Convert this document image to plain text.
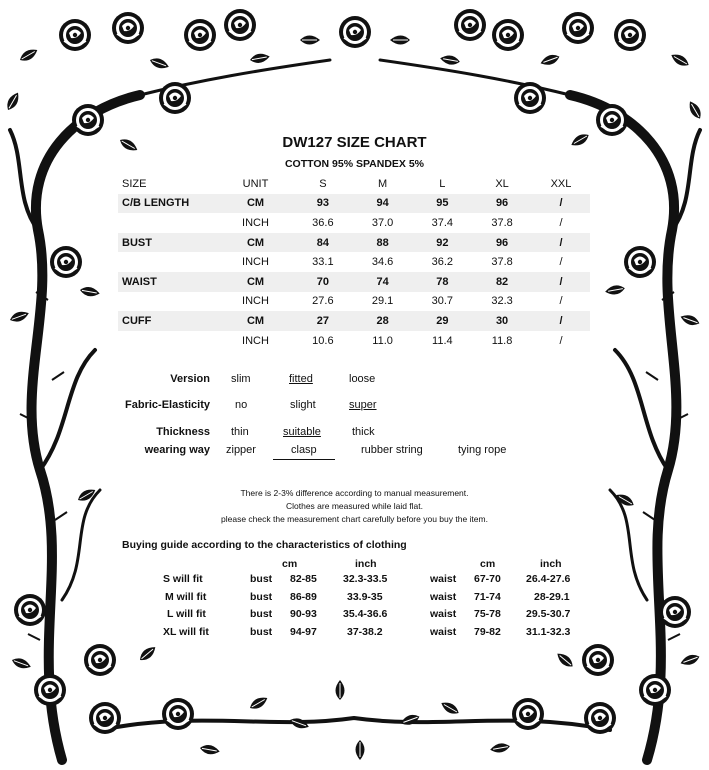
DW127 SIZE CHART
COTTON 95% SPANDEX 5%
SIZE	UNIT	S	M	L	XL	XXL
C/B LENGTH	CM	93	94	95	96	/
	INCH	36.6	37.0	37.4	37.8	/
BUST	CM	84	88	92	96	/
	INCH	33.1	34.6	36.2	37.8	/
WAIST	CM	70	74	78	82	/
	INCH	27.6	29.1	30.7	32.3	/
CUFF	CM	27	28	29	30	/
	INCH	10.6	11.0	11.4	11.8	/
Version slim	fitted	loose
Fabric-Elasticity no	slight	super
Thickness thin	suitable	thick
wearing way zipper	clasp	rubber string	tying rope
There is 2-3% difference according to manual measurement.
Clothes are measured while laid flat.
please check the measurement chart carefully before you buy the item.
Buying guide according to the characteristics of clothing
cm	inch	cm	inch
S will fit	bust 82-85 32.3-33.5	waist 67-70 26.4-27.6
M will fit	bust 86-89	33.9-35	waist 71-74	28-29.1
L will fit	bust 90-93 35.4-36.6	waist 75-78 29.5-30.7
XL will fit	bust 94-97	37-38.2	waist 79-82 31.1-32.3
